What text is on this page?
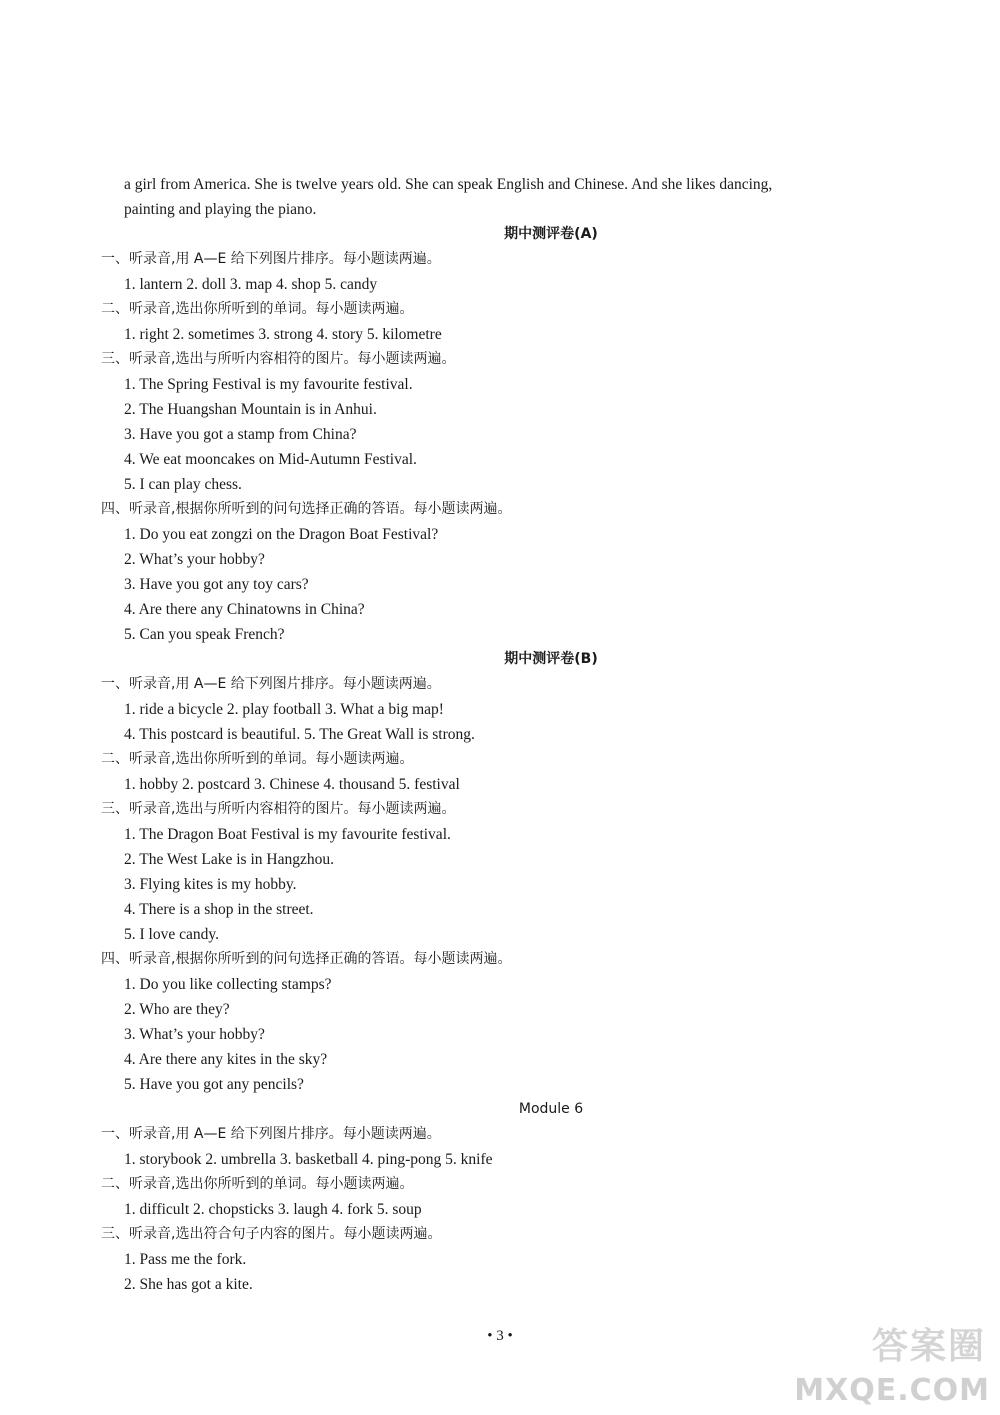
a girl from America. She is twelve years old. She can speak English and Chinese. And she likes dancing,

painting and playing the piano.

期中测评卷(A)
一、听录音,用 A—E 给下列图片排序。每小题读两遍。
1. lantern 2. doll 3. map 4. shop 5. candy
二、听录音,选出你所听到的单词。每小题读两遍。
1. right 2. sometimes 3. strong 4. story 5. kilometre
三、听录音,选出与所听内容相符的图片。每小题读两遍。
1. The Spring Festival is my favourite festival.
2. The Huangshan Mountain is in Anhui.
3. Have you got a stamp from China?
4. We eat mooncakes on Mid-Autumn Festival.
5. I can play chess.
四、听录音,根据你所听到的问句选择正确的答语。每小题读两遍。
1. Do you eat zongzi on the Dragon Boat Festival?
2. What’s your hobby?
3. Have you got any toy cars?
4. Are there any Chinatowns in China?
5. Can you speak French?
期中测评卷(B)
一、听录音,用 A—E 给下列图片排序。每小题读两遍。
1. ride a bicycle 2. play football 3. What a big map!
4. This postcard is beautiful. 5. The Great Wall is strong.
二、听录音,选出你所听到的单词。每小题读两遍。
1. hobby 2. postcard 3. Chinese 4. thousand 5. festival
三、听录音,选出与所听内容相符的图片。每小题读两遍。
1. The Dragon Boat Festival is my favourite festival.
2. The West Lake is in Hangzhou.
3. Flying kites is my hobby.
4. There is a shop in the street.
5. I love candy.
四、听录音,根据你所听到的问句选择正确的答语。每小题读两遍。
1. Do you like collecting stamps?
2. Who are they?
3. What’s your hobby?
4. Are there any kites in the sky?
5. Have you got any pencils?
Module 6
一、听录音,用 A—E 给下列图片排序。每小题读两遍。
1. storybook 2. umbrella 3. basketball 4. ping-pong 5. knife
二、听录音,选出你所听到的单词。每小题读两遍。
1. difficult 2. chopsticks 3. laugh 4. fork 5. soup
三、听录音,选出符合句子内容的图片。每小题读两遍。
1. Pass me the fork.
2. She has got a kite.
• 3 •	答案圈
MXQE.COM
